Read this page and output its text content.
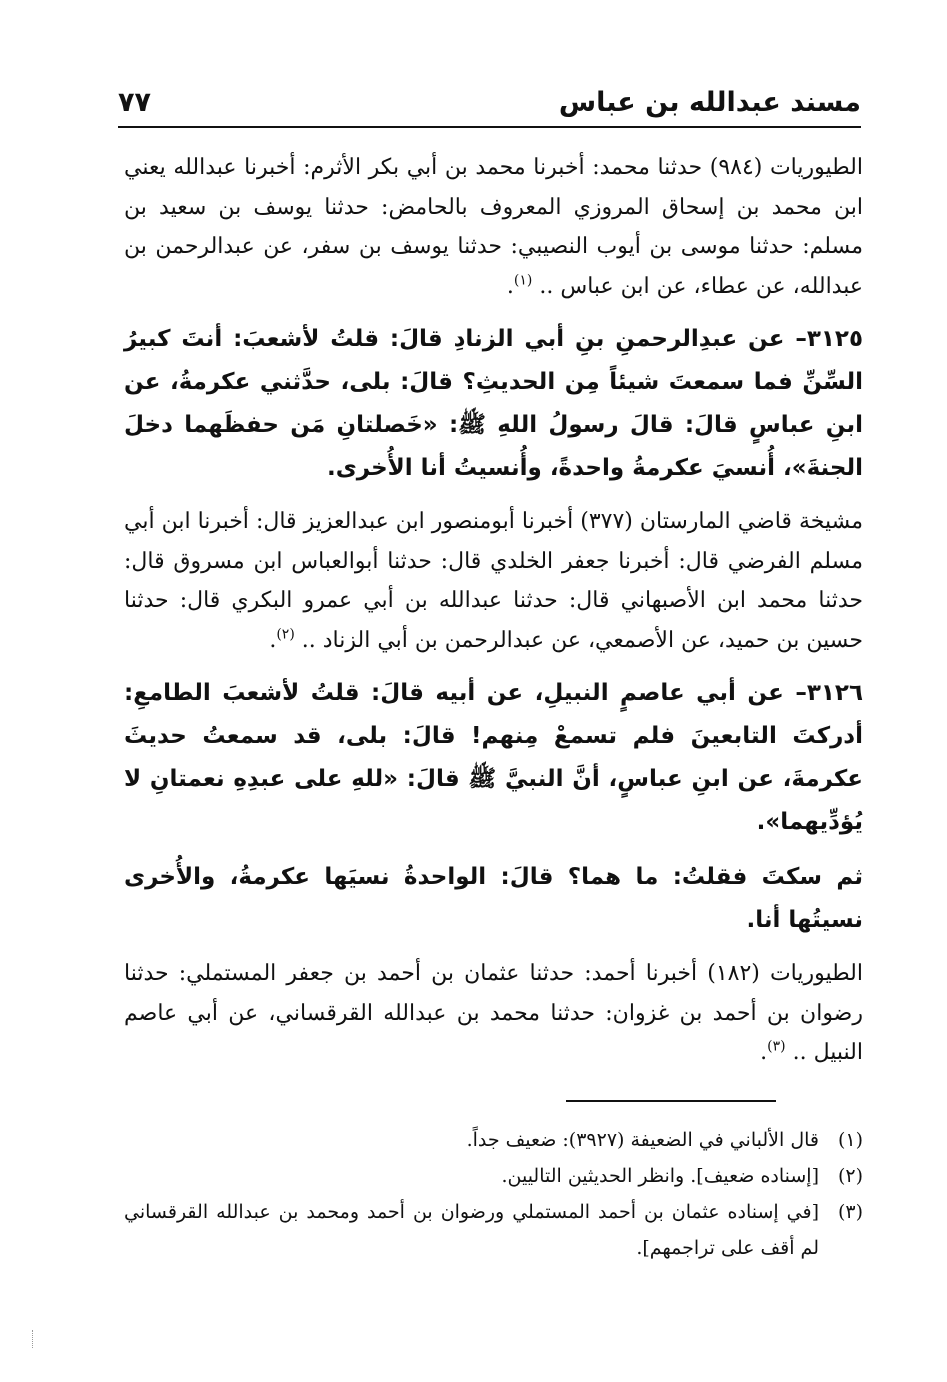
مسند عبدالله بن عباس
٧٧

الطيوريات (٩٨٤) حدثنا محمد: أخبرنا محمد بن أبي بكر الأثرم: أخبرنا عبدالله يعني ابن محمد بن إسحاق المروزي المعروف بالحامض: حدثنا يوسف بن سعيد بن مسلم: حدثنا موسى بن أيوب النصيبي: حدثنا يوسف بن سفر، عن عبدالرحمن بن عبدالله، عن عطاء، عن ابن عباس .. $^{(١)}$.

٣١٢٥– عن عبدِالرحمنِ بنِ أبي الزنادِ قالَ: قلتُ لأشعبَ: أنتَ كبيرُ السِّنِّ فما سمعتَ شيئاً مِن الحديثِ؟ قالَ: بلى، حدَّثني عكرمةُ، عن ابنِ عباسٍ قالَ: قالَ رسولُ اللهِ ﷺ: «خَصلتانِ مَن حفظَهما دخلَ الجنةَ»، أُنسيَ عكرمةُ واحدةً، وأُنسيتُ أنا الأُخرى.

مشيخة قاضي المارستان (٣٧٧) أخبرنا أبومنصور ابن عبدالعزيز قال: أخبرنا ابن أبي مسلم الفرضي قال: أخبرنا جعفر الخلدي قال: حدثنا أبوالعباس ابن مسروق قال: حدثنا محمد ابن الأصبهاني قال: حدثنا عبدالله بن أبي عمرو البكري قال: حدثنا حسين بن حميد، عن الأصمعي، عن عبدالرحمن بن أبي الزناد .. $^{(٢)}$.

٣١٢٦– عن أبي عاصمٍ النبيلِ، عن أبيه قالَ: قلتُ لأشعبَ الطامعِ: أدركتَ التابعينَ فلم تسمعْ مِنهم! قالَ: بلى، قد سمعتُ حديثَ عكرمةَ، عن ابنِ عباسٍ، أنَّ النبيَّ ﷺ قالَ: «للهِ على عبدِهِ نعمتانِ لا يُؤدِّيهما».

ثم سكتَ فقلتُ: ما هما؟ قالَ: الواحدةُ نسيَها عكرمةُ، والأُخرى نسيتُها أنا.

الطيوريات (١٨٢) أخبرنا أحمد: حدثنا عثمان بن أحمد بن جعفر المستملي: حدثنا رضوان بن أحمد بن غزوان: حدثنا محمد بن عبدالله القرقساني، عن أبي عاصم النبيل .. $^{(٣)}$.

(١)
قال الألباني في الضعيفة (٣٩٢٧): ضعيف جداً.
(٢)
[إسناده ضعيف]. وانظر الحديثين التاليين.
(٣)
[في إسناده عثمان بن أحمد المستملي ورضوان بن أحمد ومحمد بن عبدالله القرقساني لم أقف على تراجمهم].
